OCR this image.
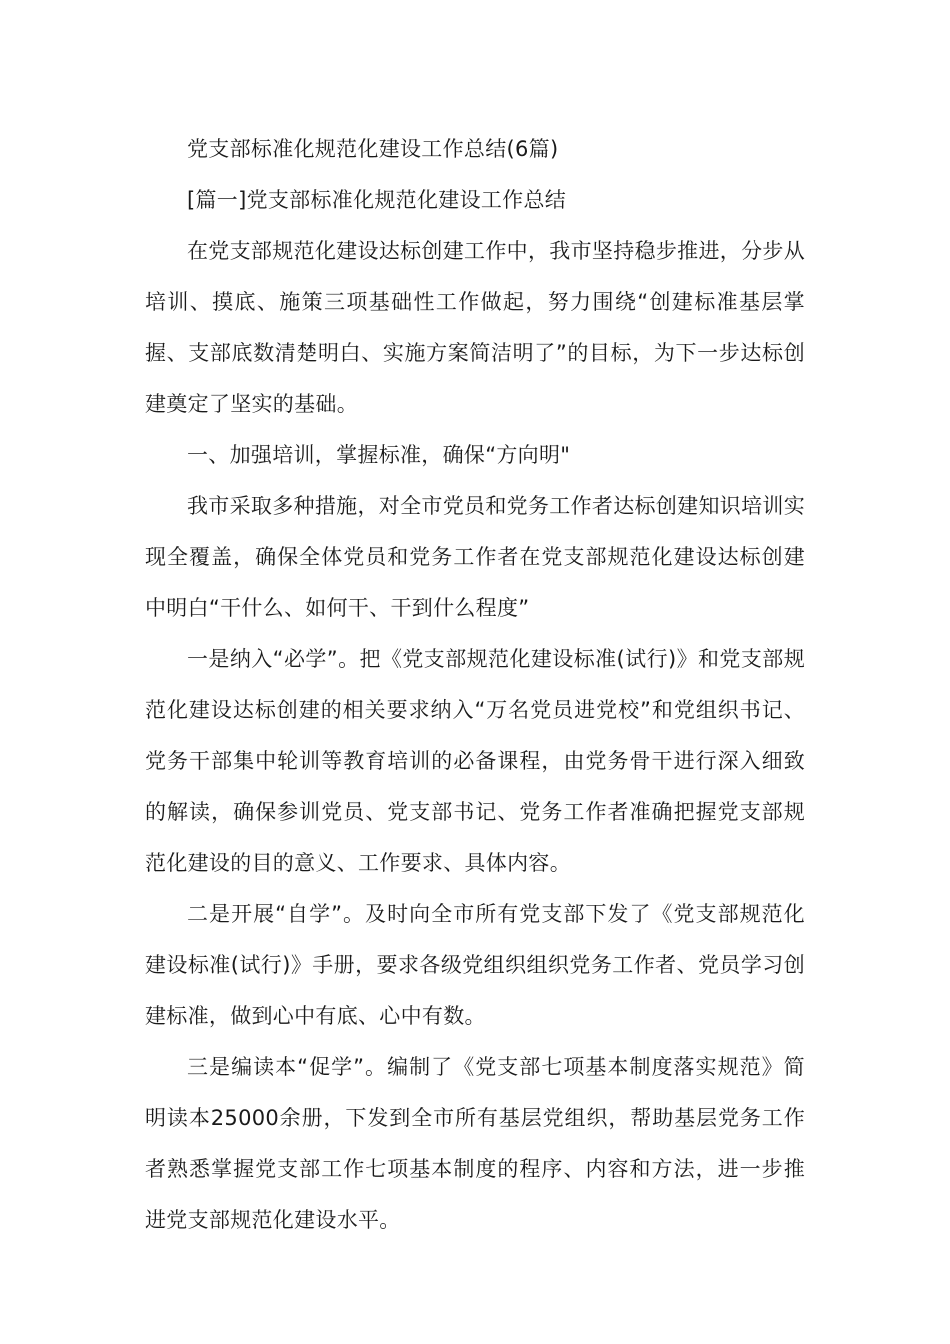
党支部标准化规范化建设工作总结(6篇)

[篇一]党支部标准化规范化建设工作总结

在党支部规范化建设达标创建工作中，我市坚持稳步推进，分步从培训、摸底、施策三项基础性工作做起，努力围绕“创建标准基层掌握、支部底数清楚明白、实施方案简洁明了”的目标，为下一步达标创建奠定了坚实的基础。

一、加强培训，掌握标准，确保“方向明"

我市采取多种措施，对全市党员和党务工作者达标创建知识培训实现全覆盖，确保全体党员和党务工作者在党支部规范化建设达标创建中明白“干什么、如何干、干到什么程度”

一是纳入“必学”。把《党支部规范化建设标准(试行)》和党支部规范化建设达标创建的相关要求纳入“万名党员进党校”和党组织书记、党务干部集中轮训等教育培训的必备课程，由党务骨干进行深入细致的解读，确保参训党员、党支部书记、党务工作者准确把握党支部规范化建设的目的意义、工作要求、具体内容。

二是开展“自学”。及时向全市所有党支部下发了《党支部规范化建设标准(试行)》手册，要求各级党组织组织党务工作者、党员学习创建标准，做到心中有底、心中有数。

三是编读本“促学”。编制了《党支部七项基本制度落实规范》简明读本25000余册，下发到全市所有基层党组织，帮助基层党务工作者熟悉掌握党支部工作七项基本制度的程序、内容和方法，进一步推进党支部规范化建设水平。
